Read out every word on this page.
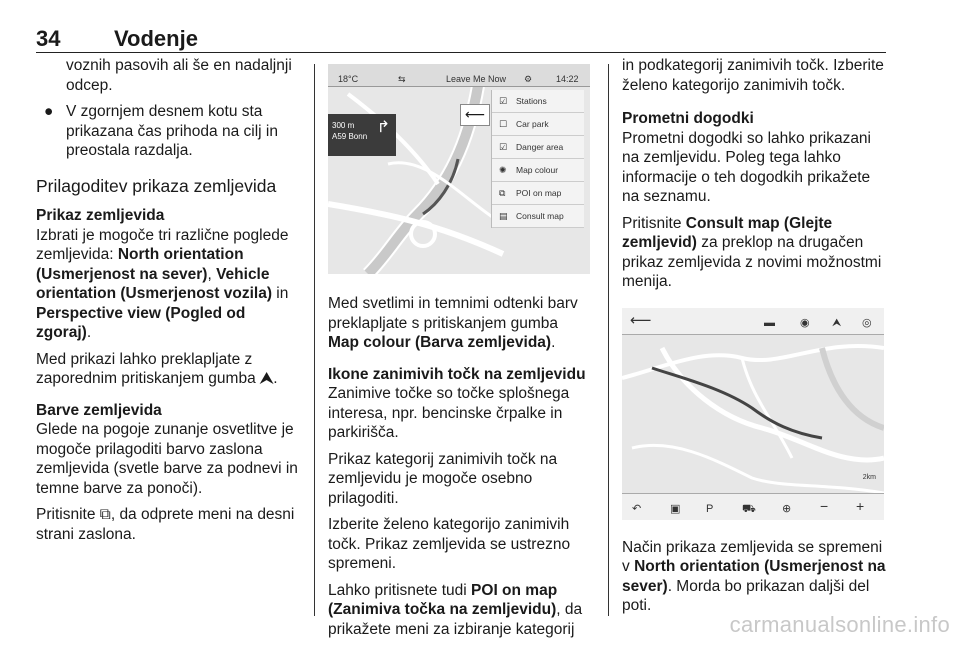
34 Vodenje

voznih pasovih ali še en nadaljnji odcep.

● V zgornjem desnem kotu sta prikazana čas prihoda na cilj in preostala razdalja.
Prilagoditev prikaza zemljevida
Prikaz zemljevida

Izbrati je mogoče tri različne poglede zemljevida: North orientation (Usmerjenost na sever), Vehicle orientation (Usmerjenost vozila) in Perspective view (Pogled od zgoraj).

Med prikazi lahko preklapljate z zaporednim pritiskanjem gumba ⮝.

Barve zemljevida

Glede na pogoje zunanje osvetlitve je mogoče prilagoditi barvo zaslona zemljevida (svetle barve za podnevi in temne barve za ponoči).

Pritisnite ⧉, da odprete meni na desni strani zaslona.

18°C	⇆	Leave Me Now ⚙	14:22
300 m
A59 Bonn
↱
⟵
☑ Stations
☐ Car park
☑ Danger area
✺ Map colour
⧉ POI on map
▤ Consult map

Med svetlimi in temnimi odtenki barv preklapljate s pritiskanjem gumba Map colour (Barva zemljevida).

Ikone zanimivih točk na zemljevidu

Zanimive točke so točke splošnega interesa, npr. bencinske črpalke in parkirišča.

Prikaz kategorij zanimivih točk na zemljevidu je mogoče osebno prilagoditi.

Izberite želeno kategorijo zanimivih točk. Prikaz zemljevida se ustrezno spremeni.

Lahko pritisnete tudi POI on map (Zanimiva točka na zemljevidu), da prikažete meni za izbiranje kategorij

in podkategorij zanimivih točk. Izberite želeno kategorijo zanimivih točk.

Prometni dogodki

Prometni dogodki so lahko prikazani na zemljevidu. Poleg tega lahko informacije o teh dogodkih prikažete na seznamu.

Pritisnite Consult map (Glejte zemljevid) za preklop na drugačen prikaz zemljevida z novimi možnostmi menija.

⟵	▬ ◉ ⮝ ◎
2km
↶	▣ P	⛟ ⊕ − +

Način prikaza zemljevida se spremeni v North orientation (Usmerjenost na sever). Morda bo prikazan daljši del poti.

carmanualsonline.info
